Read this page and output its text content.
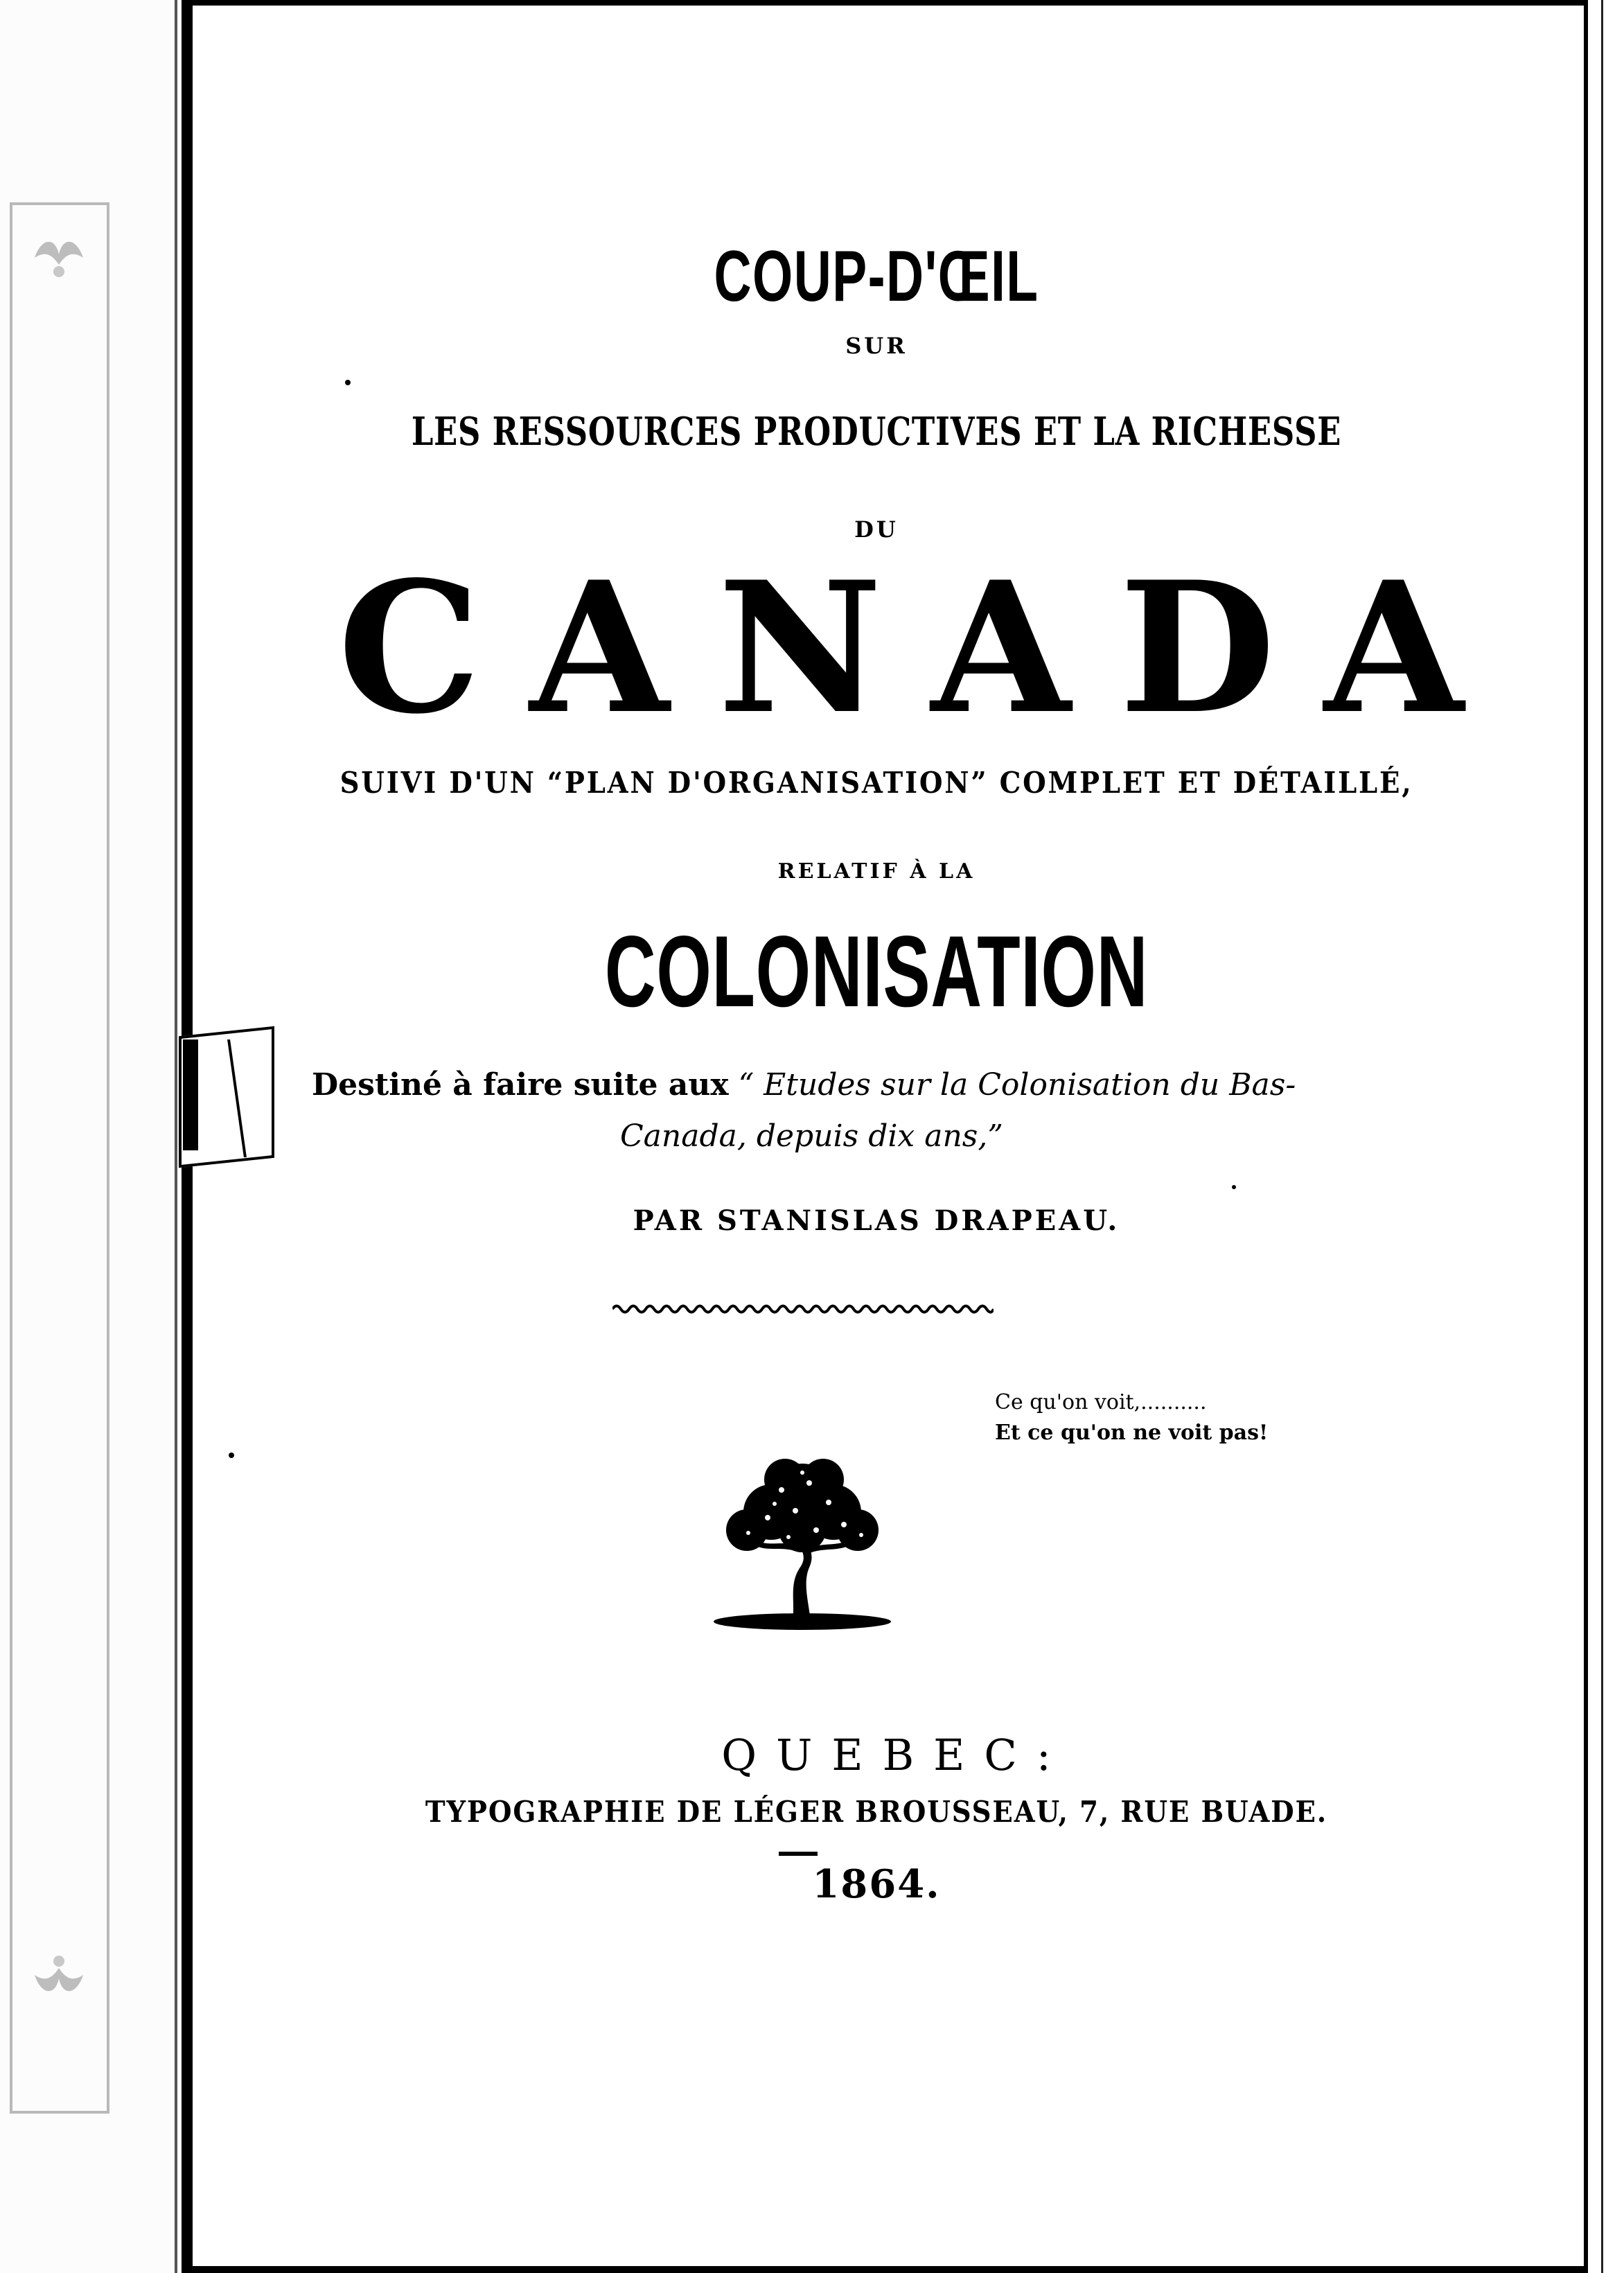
COUP-D'ŒIL
SUR
LES RESSOURCES PRODUCTIVES ET LA RICHESSE
DU
CANADA
SUIVI D'UN “PLAN D'ORGANISATION” COMPLET ET DÉTAILLÉ,
RELATIF À LA
COLONISATION
Destiné à faire suite aux “ Etudes sur la Colonisation du Bas-
Canada, depuis dix ans,”
PAR STANISLAS DRAPEAU.
Ce qu'on voit,..........
Et ce qu'on ne voit pas!
QUEBEC:
TYPOGRAPHIE DE LÉGER BROUSSEAU, 7, RUE BUADE.
1864.
